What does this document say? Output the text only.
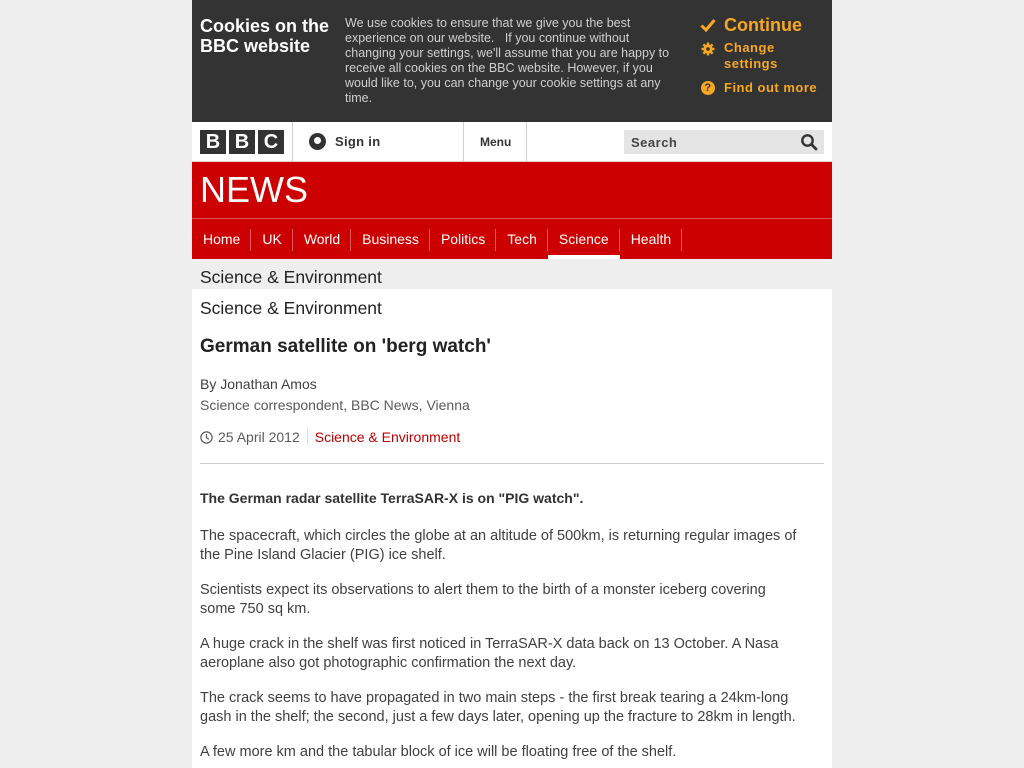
Cookies on the BBC website
We use cookies to ensure that we give you the best experience on our website.   If you continue without changing your settings, we'll assume that you are happy to receive all cookies on the BBC website. However, if you would like to, you can change your cookie settings at any time.
Continue
Change settings
? Find out more
B B C	Sign in	Menu
Search
NEWS
Home	UK	World	Business	Politics	Tech	Science	Health
Science & Environment
Science & Environment
German satellite on 'berg watch'
By Jonathan Amos
Science correspondent, BBC News, Vienna
25 April 2012 Science & Environment

The German radar satellite TerraSAR-X is on "PIG watch".

The spacecraft, which circles the globe at an altitude of 500km, is returning regular images of the Pine Island Glacier (PIG) ice shelf.

Scientists expect its observations to alert them to the birth of a monster iceberg covering some 750 sq km.

A huge crack in the shelf was first noticed in TerraSAR-X data back on 13 October. A Nasa aeroplane also got photographic confirmation the next day.

The crack seems to have propagated in two main steps - the first break tearing a 24km-long gash in the shelf; the second, just a few days later, opening up the fracture to 28km in length.

A few more km and the tabular block of ice will be floating free of the shelf.
